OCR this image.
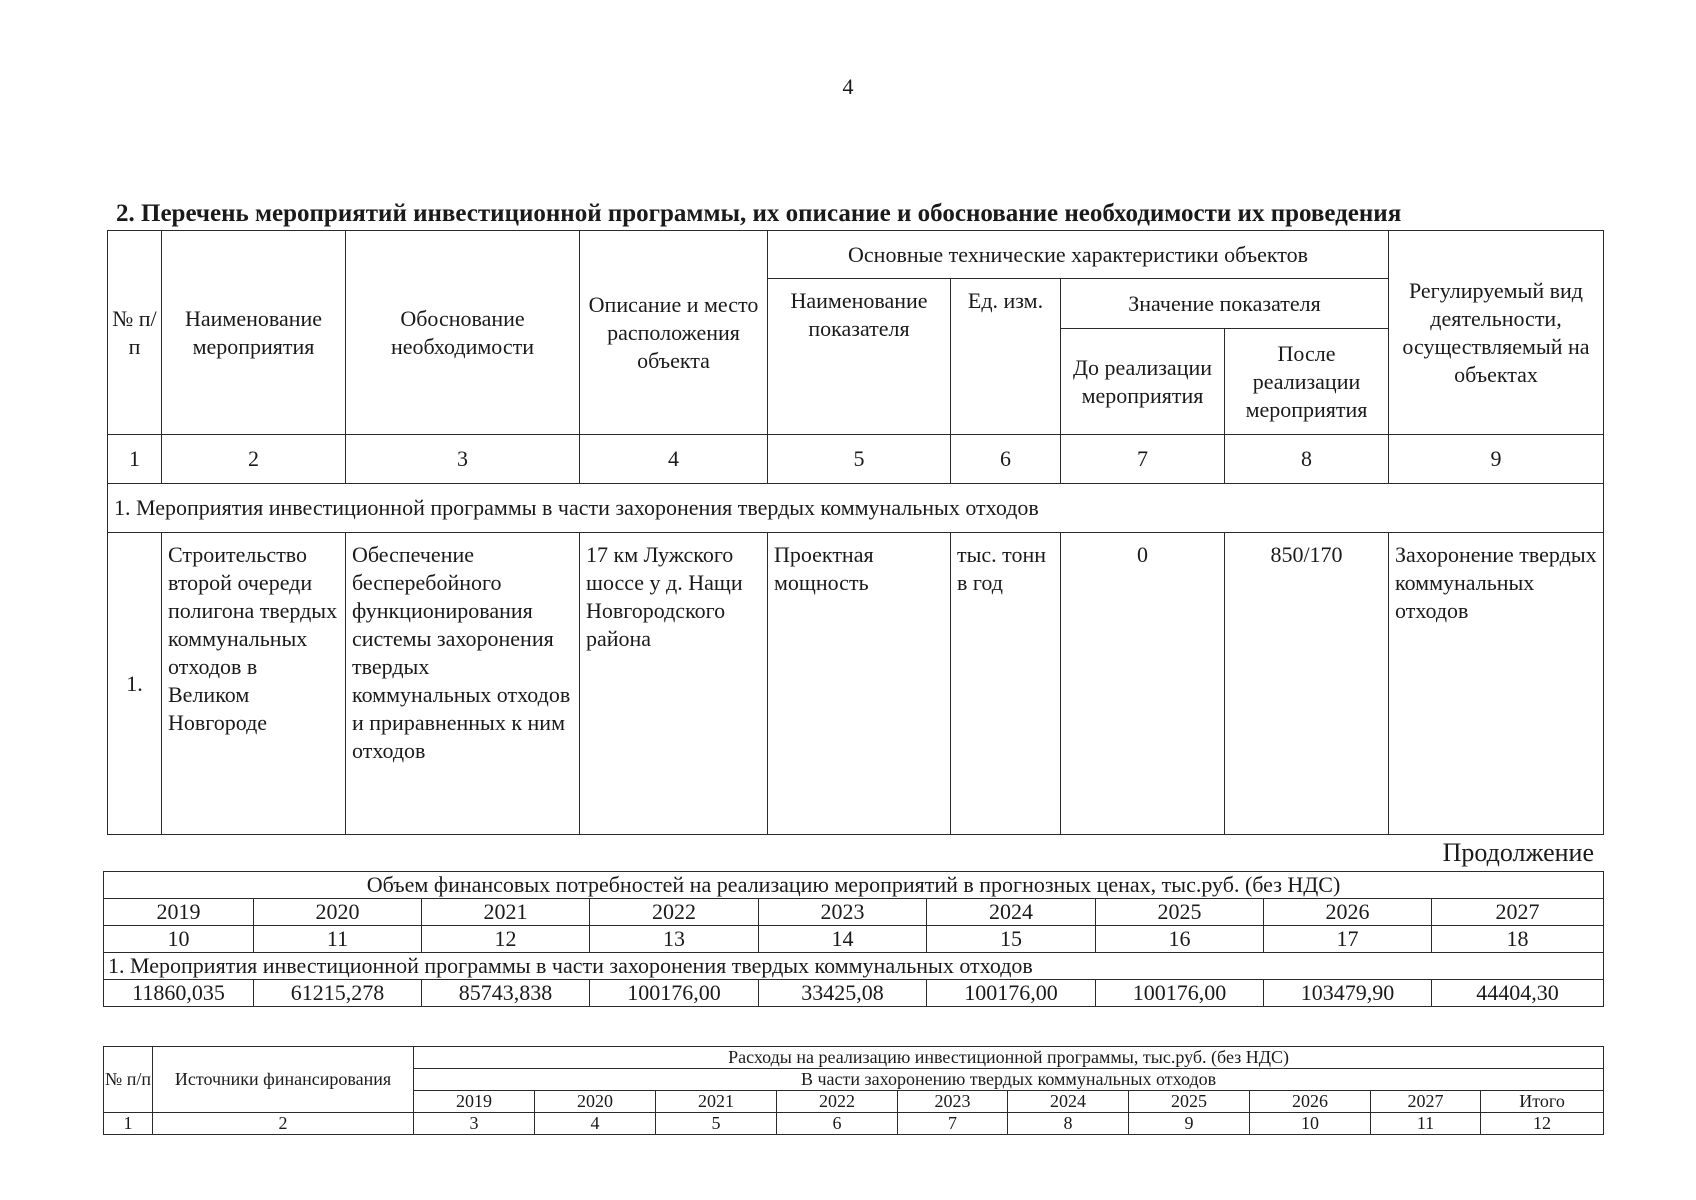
4
2. Перечень мероприятий инвестиционной программы, их описание и обоснование необходимости их проведения
№ п/п	Наименование мероприятия	Обоснование необходимости	Описание и место расположения объекта	Основные технические характеристики объектов				Регулируемый вид деятельности, осуществляемый на объектах
				Наименование показателя	Ед. изм.	Значение показателя		
						До реализации мероприятия	После реализации мероприятия	
1	2	3	4	5	6	7	8	9
1. Мероприятия инвестиционной программы в части захоронения твердых коммунальных отходов								
1.	Строительство второй очереди полигона твердых коммунальных отходов в Великом Новгороде	Обеспечение бесперебойного функционирования системы захоронения твердых коммунальных отходов и приравненных к ним отходов	17 км Лужского шоссе у д. Нащи Новгородского района	Проектная мощность	тыс. тонн в год	0	850/170	Захоронение твердых коммунальных отходов
Продолжение
Объем финансовых потребностей на реализацию мероприятий в прогнозных ценах, тыс.руб. (без НДС)								
2019	2020	2021	2022	2023	2024	2025	2026	2027
10	11	12	13	14	15	16	17	18
1. Мероприятия инвестиционной программы в части захоронения твердых коммунальных отходов								
11860,035	61215,278	85743,838	100176,00	33425,08	100176,00	100176,00	103479,90	44404,30
№ п/п	Источники финансирования	Расходы на реализацию инвестиционной программы, тыс.руб. (без НДС)									
		В части захоронению твердых коммунальных отходов									
		2019	2020	2021	2022	2023	2024	2025	2026	2027	Итого
1	2	3	4	5	6	7	8	9	10	11	12
